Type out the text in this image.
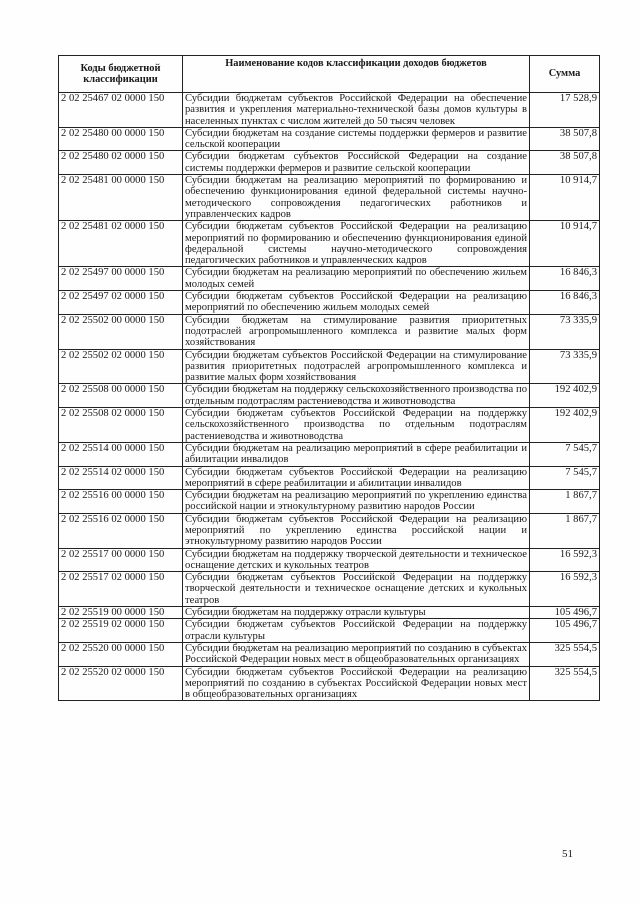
Коды бюджетной классификации	Наименование кодов классификации доходов бюджетов	Сумма
2 02 25467 02 0000 150	Субсидии бюджетам субъектов Российской Федерации на обеспечение развития и укрепления материально-технической базы домов культуры в населенных пунктах с числом жителей до 50 тысяч человек	17 528,9
2 02 25480 00 0000 150	Субсидии бюджетам на создание системы поддержки фермеров и развитие сельской кооперации	38 507,8
2 02 25480 02 0000 150	Субсидии бюджетам субъектов Российской Федерации на создание системы поддержки фермеров и развитие сельской кооперации	38 507,8
2 02 25481 00 0000 150	Субсидии бюджетам на реализацию мероприятий по формированию и обеспечению функционирования единой федеральной системы научно-методического сопровождения педагогических работников и управленческих кадров	10 914,7
2 02 25481 02 0000 150	Субсидии бюджетам субъектов Российской Федерации на реализацию мероприятий по формированию и обеспечению функционирования единой федеральной системы научно-методического сопровождения педагогических работников и управленческих кадров	10 914,7
2 02 25497 00 0000 150	Субсидии бюджетам на реализацию мероприятий по обеспечению жильем молодых семей	16 846,3
2 02 25497 02 0000 150	Субсидии бюджетам субъектов Российской Федерации на реализацию мероприятий по обеспечению жильем молодых семей	16 846,3
2 02 25502 00 0000 150	Субсидии бюджетам на стимулирование развития приоритетных подотраслей агропромышленного комплекса и развитие малых форм хозяйствования	73 335,9
2 02 25502 02 0000 150	Субсидии бюджетам субъектов Российской Федерации на стимулирование развития приоритетных подотраслей агропромышленного комплекса и развитие малых форм хозяйствования	73 335,9
2 02 25508 00 0000 150	Субсидии бюджетам на поддержку сельскохозяйственного производства по отдельным подотраслям растениеводства и животноводства	192 402,9
2 02 25508 02 0000 150	Субсидии бюджетам субъектов Российской Федерации на поддержку сельскохозяйственного производства по отдельным подотраслям растениеводства и животноводства	192 402,9
2 02 25514 00 0000 150	Субсидии бюджетам на реализацию мероприятий в сфере реабилитации и абилитации инвалидов	7 545,7
2 02 25514 02 0000 150	Субсидии бюджетам субъектов Российской Федерации на реализацию мероприятий в сфере реабилитации и абилитации инвалидов	7 545,7
2 02 25516 00 0000 150	Субсидии бюджетам на реализацию мероприятий по укреплению единства российской нации и этнокультурному развитию народов России	1 867,7
2 02 25516 02 0000 150	Субсидии бюджетам субъектов Российской Федерации на реализацию мероприятий по укреплению единства российской нации и этнокультурному развитию народов России	1 867,7
2 02 25517 00 0000 150	Субсидии бюджетам на поддержку творческой деятельности и техническое оснащение детских и кукольных театров	16 592,3
2 02 25517 02 0000 150	Субсидии бюджетам субъектов Российской Федерации на поддержку творческой деятельности и техническое оснащение детских и кукольных театров	16 592,3
2 02 25519 00 0000 150	Субсидии бюджетам на поддержку отрасли культуры	105 496,7
2 02 25519 02 0000 150	Субсидии бюджетам субъектов Российской Федерации на поддержку отрасли культуры	105 496,7
2 02 25520 00 0000 150	Субсидии бюджетам на реализацию мероприятий по созданию в субъектах Российской Федерации новых мест в общеобразовательных организациях	325 554,5
2 02 25520 02 0000 150	Субсидии бюджетам субъектов Российской Федерации на реализацию мероприятий по созданию в субъектах Российской Федерации новых мест в общеобразовательных организациях	325 554,5
51
